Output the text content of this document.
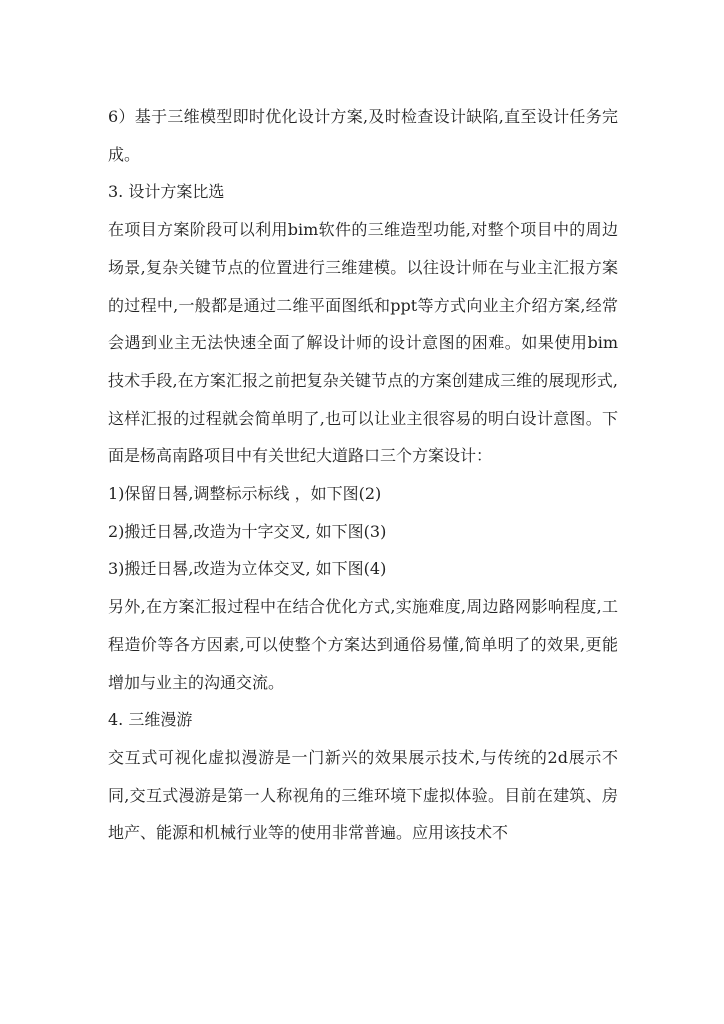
6）基于三维模型即时优化设计方案,及时检查设计缺陷,直至设计任务完成。

3. 设计方案比选

在项目方案阶段可以利用bim软件的三维造型功能,对整个项目中的周边场景,复杂关键节点的位置进行三维建模。以往设计师在与业主汇报方案的过程中,一般都是通过二维平面图纸和ppt等方式向业主介绍方案,经常会遇到业主无法快速全面了解设计师的设计意图的困难。如果使用bim技术手段,在方案汇报之前把复杂关键节点的方案创建成三维的展现形式,这样汇报的过程就会简单明了,也可以让业主很容易的明白设计意图。下面是杨高南路项目中有关世纪大道路口三个方案设计：

1)保留日晷,调整标示标线 ，如下图(2)

2)搬迁日晷,改造为十字交叉, 如下图(3)

3)搬迁日晷,改造为立体交叉, 如下图(4)

另外,在方案汇报过程中在结合优化方式,实施难度,周边路网影响程度,工程造价等各方因素,可以使整个方案达到通俗易懂,简单明了的效果,更能增加与业主的沟通交流。

4. 三维漫游

交互式可视化虚拟漫游是一门新兴的效果展示技术,与传统的2d展示不同,交互式漫游是第一人称视角的三维环境下虚拟体验。目前在建筑、房地产、能源和机械行业等的使用非常普遍。应用该技术不
